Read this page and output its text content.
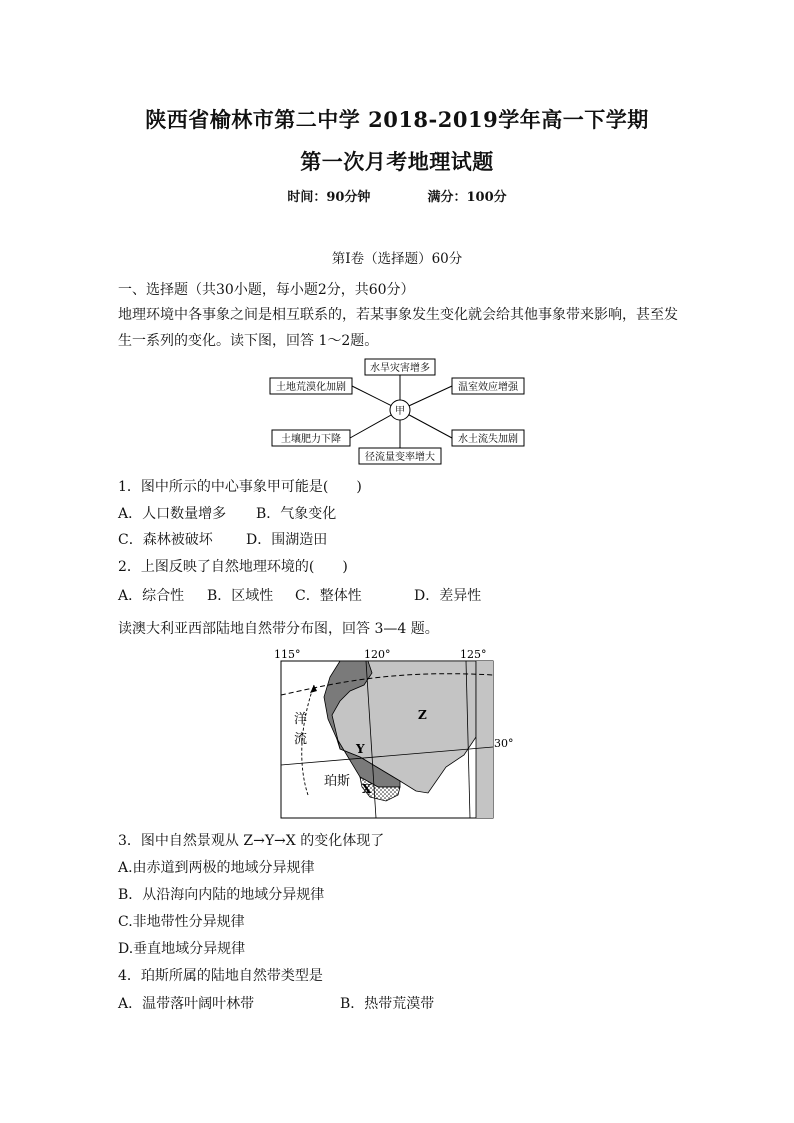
陕西省榆林市第二中学 2018-2019学年高一下学期
第一次月考地理试题
时间：90分钟	满分：100分
第Ⅰ卷（选择题）60分
一、选择题（共30小题，每小题2分，共60分）
地理环境中各事象之间是相互联系的，若某事象发生变化就会给其他事象带来影响，甚至发
生一系列的变化。读下图，回答 1～2题。
甲
水旱灾害增多
土地荒漠化加剧	温室效应增强
土壤肥力下降	水土流失加剧
径流量变率增大
1．图中所示的中心事象甲可能是(　　)
A．人口数量增多 B．气象变化
C．森林被破坏 D．围湖造田
2．上图反映了自然地理环境的(　　)
A．综合性 B．区域性 C．整体性	D．差异性
读澳大利亚西部陆地自然带分布图，回答 3—4 题。
115°	120°	125°
30°
洋
流
珀斯 X
Y
Z
3．图中自然景观从 Z→Y→X 的变化体现了
A.由赤道到两极的地域分异规律
B．从沿海向内陆的地域分异规律
C.非地带性分异规律
D.垂直地域分异规律
4．珀斯所属的陆地自然带类型是
A．温带落叶阔叶林带	B．热带荒漠带
